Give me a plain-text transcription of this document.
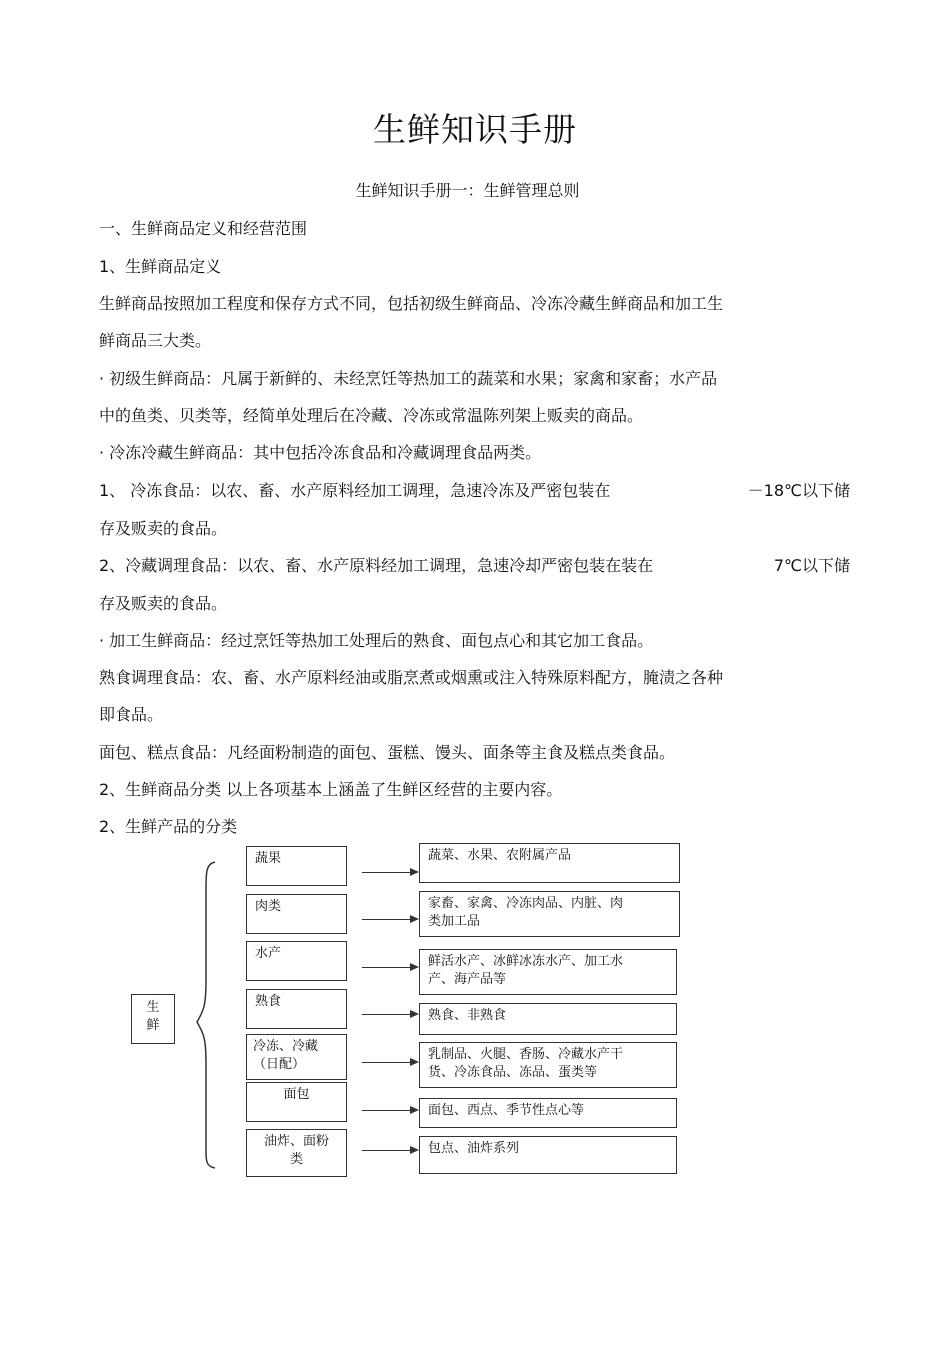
生鲜知识手册
生鲜知识手册一：生鲜管理总则
一、生鲜商品定义和经营范围
1、生鲜商品定义
生鲜商品按照加工程度和保存方式不同，包括初级生鲜商品、冷冻冷藏生鲜商品和加工生
鲜商品三大类。
· 初级生鲜商品：凡属于新鲜的、未经烹饪等热加工的蔬菜和水果；家禽和家畜；水产品
中的鱼类、贝类等，经简单处理后在冷藏、冷冻或常温陈列架上贩卖的商品。
· 冷冻冷藏生鲜商品：其中包括冷冻食品和冷藏调理食品两类。
1、 冷冻食品：以农、畜、水产原料经加工调理，急速冷冻及严密包装在	－18℃以下储
存及贩卖的食品。
2、冷藏调理食品：以农、畜、水产原料经加工调理，急速冷却严密包装在装在	7℃以下储
存及贩卖的食品。
· 加工生鲜商品：经过烹饪等热加工处理后的熟食、面包点心和其它加工食品。
熟食调理食品：农、畜、水产原料经油或脂烹煮或烟熏或注入特殊原料配方，腌渍之各种
即食品。
面包、糕点食品：凡经面粉制造的面包、蛋糕、馒头、面条等主食及糕点类食品。
2、生鲜商品分类 以上各项基本上涵盖了生鲜区经营的主要内容。
2、生鲜产品的分类
生
鲜
蔬果
肉类
水产
熟食
冷冻、冷藏
（日配）
面包
油炸、面粉
类
蔬菜、水果、农附属产品
家畜、家禽、冷冻肉品、内脏、肉
类加工品
鲜活水产、冰鲜冰冻水产、加工水
产、海产品等
熟食、非熟食
乳制品、火腿、香肠、冷藏水产干
货、冷冻食品、冻品、蛋类等
面包、西点、季节性点心等
包点、油炸系列
